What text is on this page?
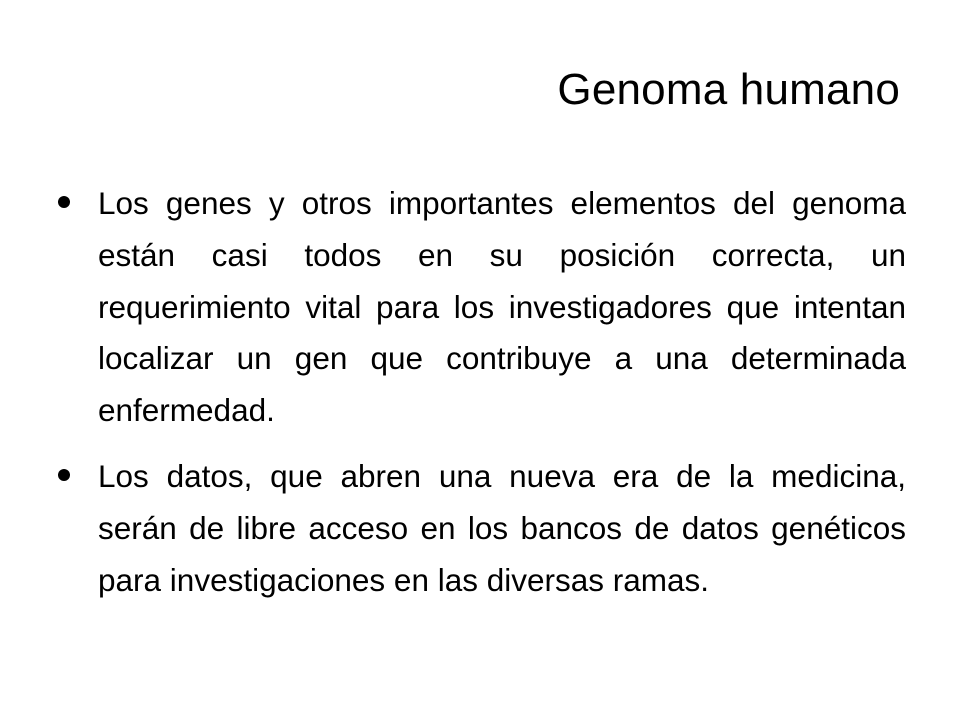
Genoma humano
Los genes y otros importantes elementos del genoma están casi todos en su posición correcta, un requerimiento vital para los investigadores que intentan localizar un gen que contribuye a una determinada enfermedad.
Los datos, que abren una nueva era de la medicina, serán de libre acceso en los bancos de datos genéticos para investigaciones en las diversas ramas.
